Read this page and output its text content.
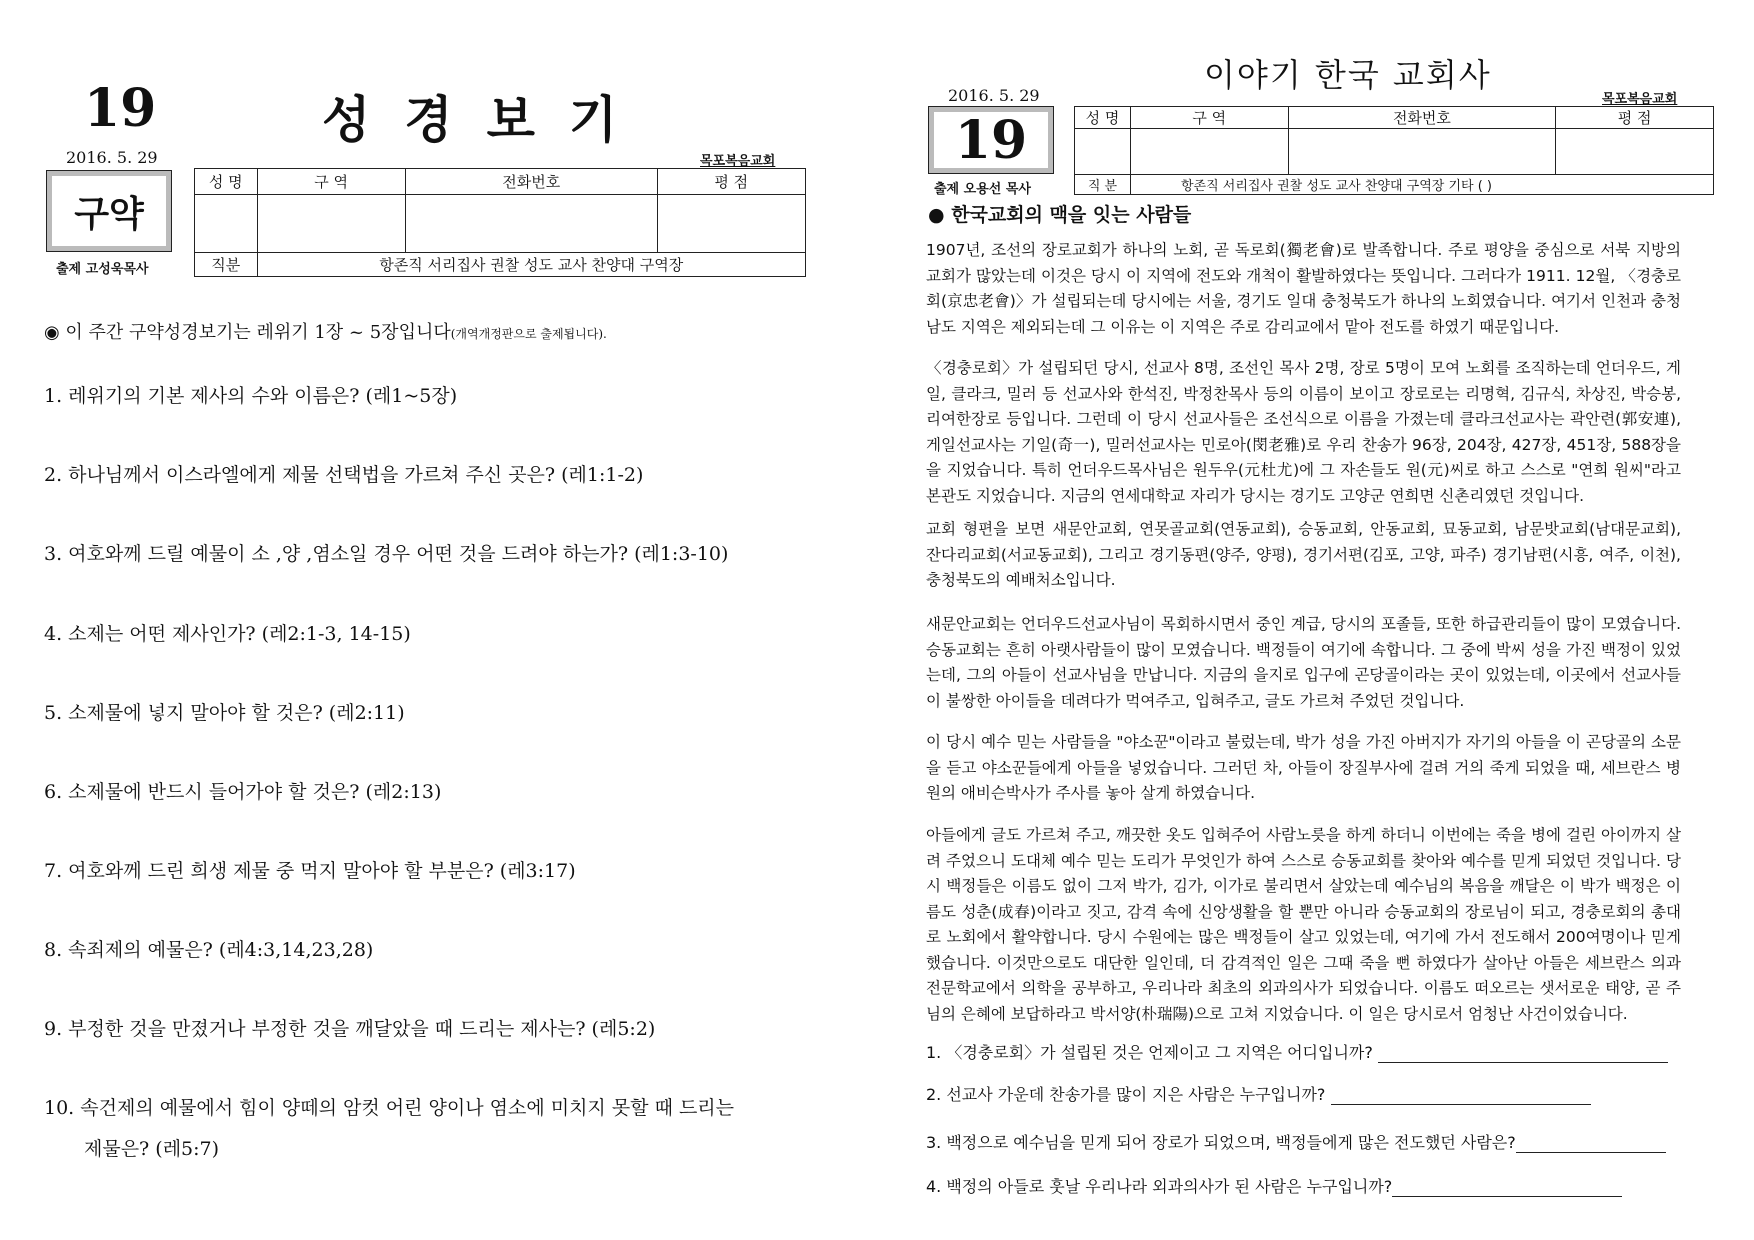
19	성경보기
2016. 5. 29	목포복음교회
구약
출제 고성욱목사
성 명	구 역	전화번호	평 점

직분	항존직 서리집사 권찰 성도 교사 찬양대 구역장		
◉ 이 주간 구약성경보기는 레위기 1장 ~ 5장입니다(개역개정판으로 출제됩니다).
1. 레위기의 기본 제사의 수와 이름은? (레1~5장)
2. 하나님께서 이스라엘에게 제물 선택법을 가르쳐 주신 곳은? (레1:1-2)
3. 여호와께 드릴 예물이 소 ,양 ,염소일 경우 어떤 것을 드려야 하는가? (레1:3-10)
4. 소제는 어떤 제사인가? (레2:1-3, 14-15)
5. 소제물에 넣지 말아야 할 것은? (레2:11)
6. 소제물에 반드시 들어가야 할 것은? (레2:13)
7. 여호와께 드린 희생 제물 중 먹지 말아야 할 부분은? (레3:17)
8. 속죄제의 예물은? (레4:3,14,23,28)
9. 부정한 것을 만졌거나 부정한 것을 깨달았을 때 드리는 제사는? (레5:2)
10. 속건제의 예물에서 힘이 양떼의 암컷 어린 양이나 염소에 미치지 못할 때 드리는
제물은? (레5:7)
이야기 한국 교회사
2016. 5. 29	목포복음교회
19
출제 오용선 목사
성 명	구 역	전화번호	평 점

직 분	항존직 서리집사 권찰 성도 교사 찬양대 구역장 기타 ( )		
● 한국교회의 맥을 잇는 사람들
1907년, 조선의 장로교회가 하나의 노회, 곧 독로회(獨老會)로 발족합니다. 주로 평양을 중심으로 서북 지방의 교회가 많았는데 이것은 당시 이 지역에 전도와 개척이 활발하였다는 뜻입니다. 그러다가 1911. 12월, 〈경충로회(京忠老會)〉가 설립되는데 당시에는 서울, 경기도 일대 충청북도가 하나의 노회였습니다. 여기서 인천과 충청남도 지역은 제외되는데 그 이유는 이 지역은 주로 감리교에서 맡아 전도를 하였기 때문입니다.
〈경충로회〉가 설립되던 당시, 선교사 8명, 조선인 목사 2명, 장로 5명이 모여 노회를 조직하는데 언더우드, 게일, 클라크, 밀러 등 선교사와 한석진, 박정찬목사 등의 이름이 보이고 장로로는 리명혁, 김규식, 차상진, 박승봉, 리여한장로 등입니다. 그런데 이 당시 선교사들은 조선식으로 이름을 가졌는데 클라크선교사는 곽안련(郭安連), 게일선교사는 기일(奇一), 밀러선교사는 민로아(閔老雅)로 우리 찬송가 96장, 204장, 427장, 451장, 588장을 을 지었습니다. 특히 언더우드목사님은 원두우(元杜尤)에 그 자손들도 원(元)씨로 하고 스스로 "연희 원씨"라고 본관도 지었습니다. 지금의 연세대학교 자리가 당시는 경기도 고양군 연희면 신촌리였던 것입니다.
교회 형편을 보면 새문안교회, 연못골교회(연동교회), 승동교회, 안동교회, 묘동교회, 남문밧교회(남대문교회), 잔다리교회(서교동교회), 그리고 경기동편(양주, 양평), 경기서편(김포, 고양, 파주) 경기남편(시흥, 여주, 이천), 충청북도의 예배처소입니다.
새문안교회는 언더우드선교사님이 목회하시면서 중인 계급, 당시의 포졸들, 또한 하급관리들이 많이 모였습니다. 승동교회는 흔히 아랫사람들이 많이 모였습니다. 백정들이 여기에 속합니다. 그 중에 박씨 성을 가진 백정이 있었는데, 그의 아들이 선교사님을 만납니다. 지금의 을지로 입구에 곤당골이라는 곳이 있었는데, 이곳에서 선교사들이 불쌍한 아이들을 데려다가 먹여주고, 입혀주고, 글도 가르쳐 주었던 것입니다.
이 당시 예수 믿는 사람들을 "야소꾼"이라고 불렀는데, 박가 성을 가진 아버지가 자기의 아들을 이 곤당골의 소문을 듣고 야소꾼들에게 아들을 넣었습니다. 그러던 차, 아들이 장질부사에 걸려 거의 죽게 되었을 때, 세브란스 병원의 애비슨박사가 주사를 놓아 살게 하였습니다.
아들에게 글도 가르쳐 주고, 깨끗한 옷도 입혀주어 사람노릇을 하게 하더니 이번에는 죽을 병에 걸린 아이까지 살려 주었으니 도대체 예수 믿는 도리가 무엇인가 하여 스스로 승동교회를 찾아와 예수를 믿게 되었던 것입니다. 당시 백정들은 이름도 없이 그저 박가, 김가, 이가로 불리면서 살았는데 예수님의 복음을 깨달은 이 박가 백정은 이름도 성춘(成春)이라고 짓고, 감격 속에 신앙생활을 할 뿐만 아니라 승동교회의 장로님이 되고, 경충로회의 총대로 노회에서 활약합니다. 당시 수원에는 많은 백정들이 살고 있었는데, 여기에 가서 전도해서 200여명이나 믿게 했습니다. 이것만으로도 대단한 일인데, 더 감격적인 일은 그때 죽을 뻔 하였다가 살아난 아들은 세브란스 의과 전문학교에서 의학을 공부하고, 우리나라 최초의 외과의사가 되었습니다. 이름도 떠오르는 샛서로운 태양, 곧 주님의 은혜에 보답하라고 박서양(朴瑞陽)으로 고쳐 지었습니다. 이 일은 당시로서 엄청난 사건이었습니다.
1. 〈경충로회〉가 설립된 것은 언제이고 그 지역은 어디입니까?
2. 선교사 가운데 찬송가를 많이 지은 사람은 누구입니까?
3. 백정으로 예수님을 믿게 되어 장로가 되었으며, 백정들에게 많은 전도했던 사람은?
4. 백정의 아들로 훗날 우리나라 외과의사가 된 사람은 누구입니까?
